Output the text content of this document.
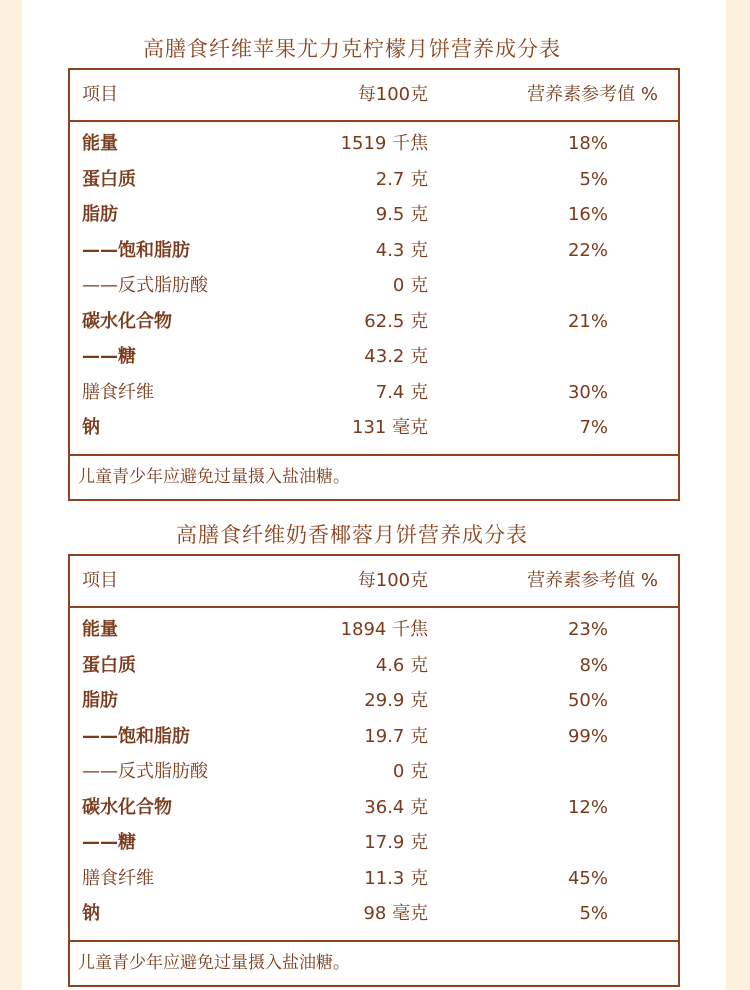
高膳食纤维苹果尤力克柠檬月饼营养成分表
项目	每100克	营养素参考值 %
能量	1519 千焦	18%
蛋白质	2.7 克	5%
脂肪	9.5 克	16%
——饱和脂肪	4.3 克	22%
——反式脂肪酸	0 克	
碳水化合物	62.5 克	21%
——糖	43.2 克	
膳食纤维	7.4 克	30%
钠	131 毫克	7%
儿童青少年应避免过量摄入盐油糖。		
高膳食纤维奶香椰蓉月饼营养成分表
项目	每100克	营养素参考值 %
能量	1894 千焦	23%
蛋白质	4.6 克	8%
脂肪	29.9 克	50%
——饱和脂肪	19.7 克	99%
——反式脂肪酸	0 克	
碳水化合物	36.4 克	12%
——糖	17.9 克	
膳食纤维	11.3 克	45%
钠	98 毫克	5%
儿童青少年应避免过量摄入盐油糖。		
